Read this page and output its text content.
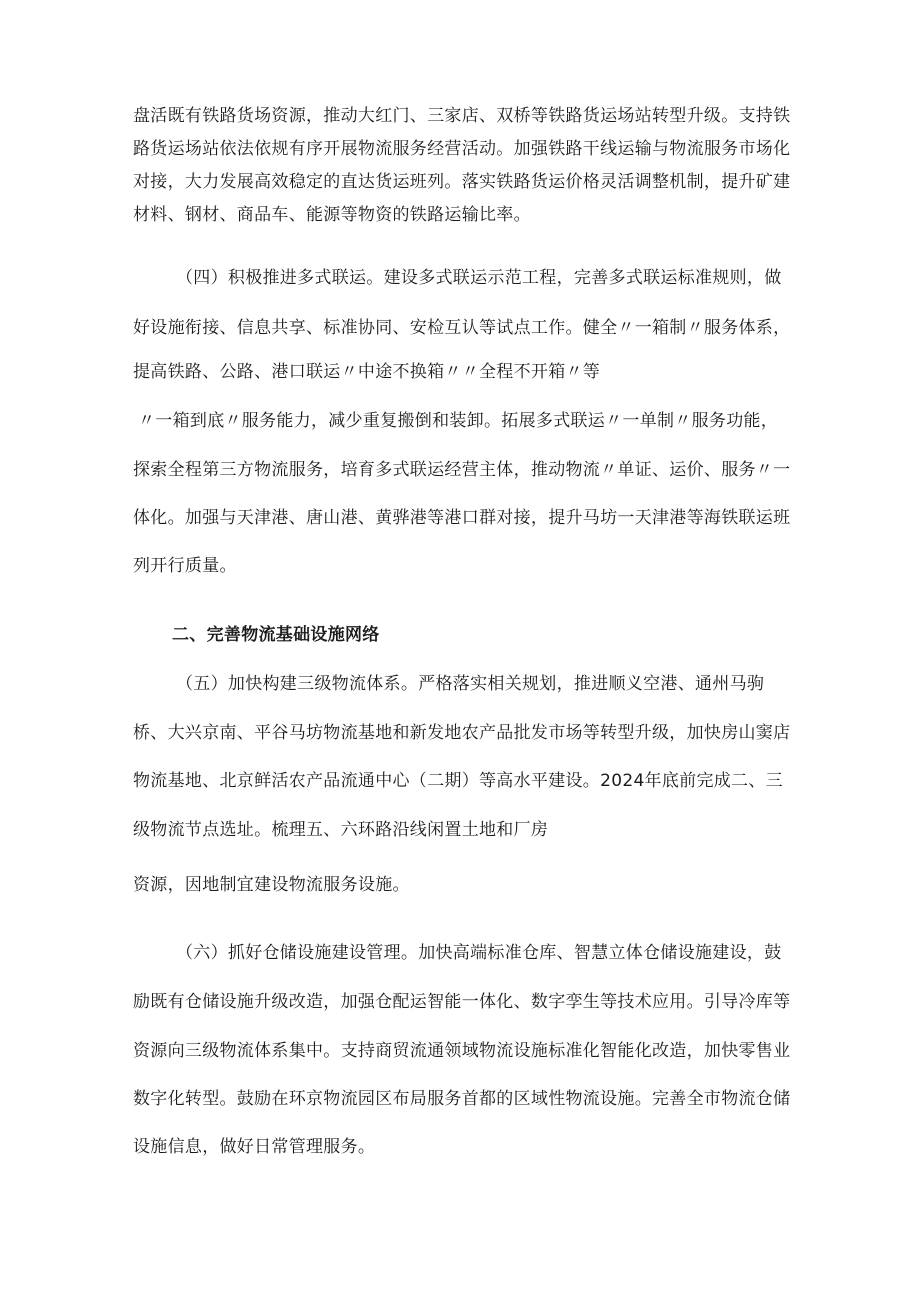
盘活既有铁路货场资源，推动大红门、三家店、双桥等铁路货运场站转型升级。支持铁
路货运场站依法依规有序开展物流服务经营活动。加强铁路干线运输与物流服务市场化
对接，大力发展高效稳定的直达货运班列。落实铁路货运价格灵活调整机制，提升矿建
材料、钢材、商品车、能源等物资的铁路运输比率。
（四）积极推进多式联运。建设多式联运示范工程，完善多式联运标准规则，做
好设施衔接、信息共享、标准协同、安检互认等试点工作。健全〃一箱制〃服务体系，
提高铁路、公路、港口联运〃中途不换箱〃〃全程不开箱〃等
〃一箱到底〃服务能力，减少重复搬倒和装卸。拓展多式联运〃一单制〃服务功能，
探索全程第三方物流服务，培育多式联运经营主体，推动物流〃单证、运价、服务〃一
体化。加强与天津港、唐山港、黄骅港等港口群对接，提升马坊一天津港等海铁联运班
列开行质量。
二、完善物流基础设施网络
（五）加快构建三级物流体系。严格落实相关规划，推进顺义空港、通州马驹
桥、大兴京南、平谷马坊物流基地和新发地农产品批发市场等转型升级，加快房山窦店
物流基地、北京鲜活农产品流通中心（二期）等高水平建设。2024年底前完成二、三
级物流节点选址。梳理五、六环路沿线闲置土地和厂房
资源，因地制宜建设物流服务设施。
（六）抓好仓储设施建设管理。加快高端标准仓库、智慧立体仓储设施建设，鼓
励既有仓储设施升级改造，加强仓配运智能一体化、数字孪生等技术应用。引导冷库等
资源向三级物流体系集中。支持商贸流通领域物流设施标准化智能化改造，加快零售业
数字化转型。鼓励在环京物流园区布局服务首都的区域性物流设施。完善全市物流仓储
设施信息，做好日常管理服务。
